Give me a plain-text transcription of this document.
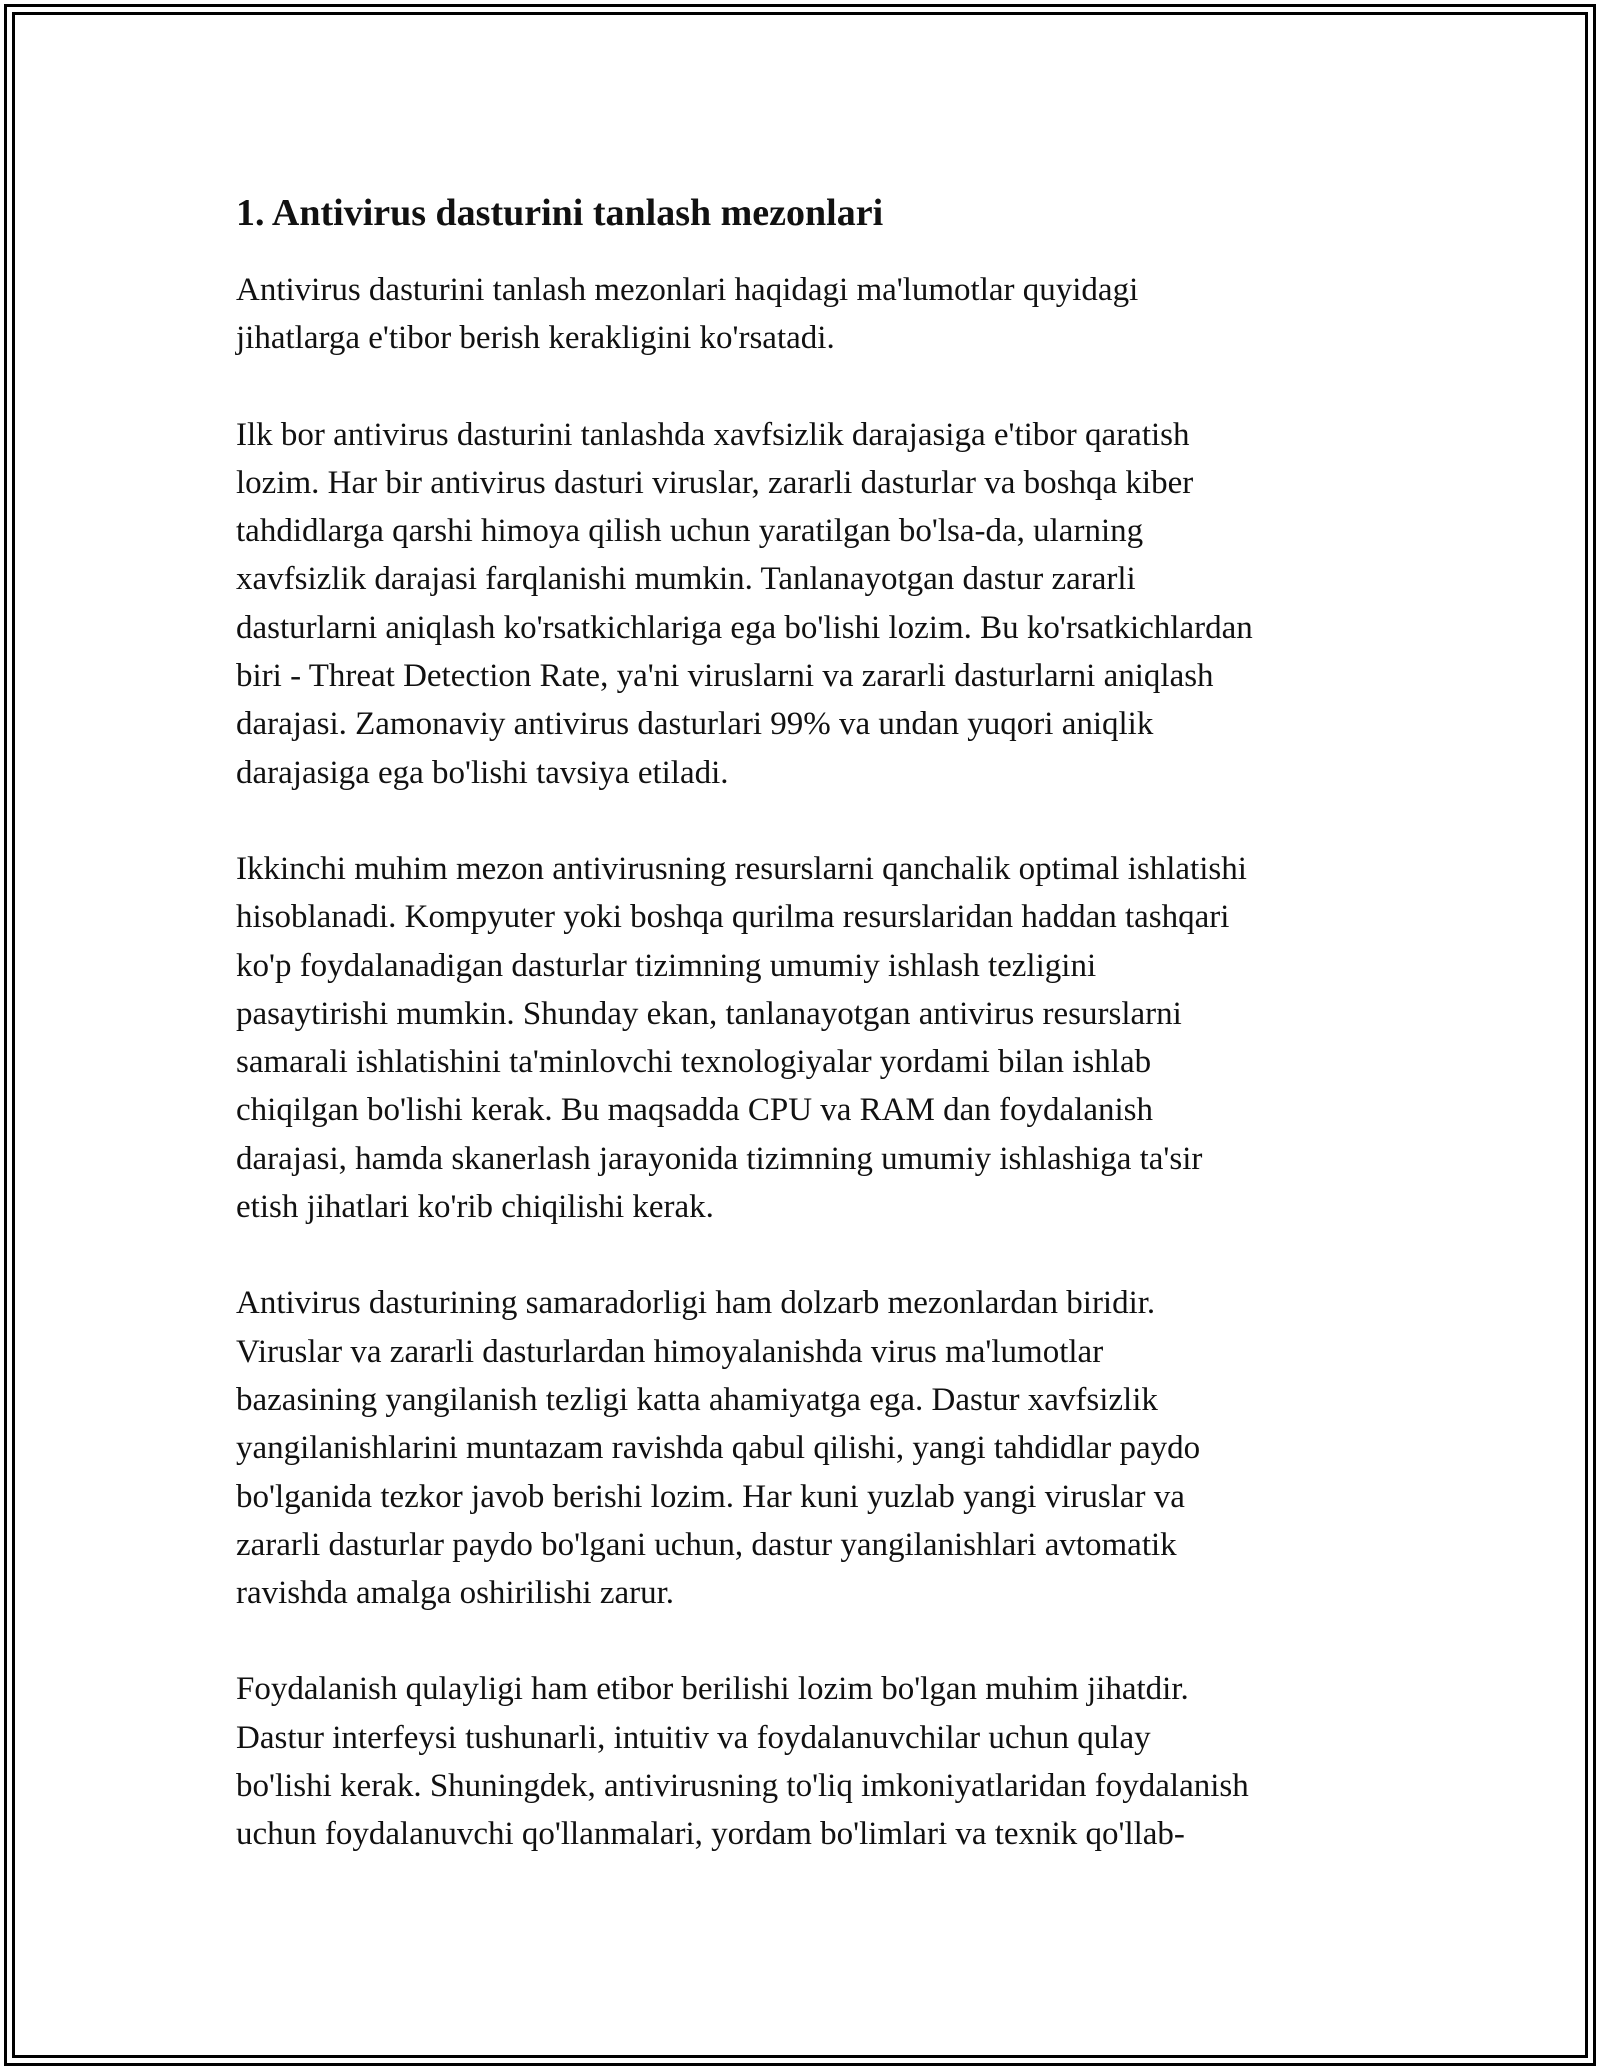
1. Antivirus dasturini tanlash mezonlari

Antivirus dasturini tanlash mezonlari haqidagi ma'lumotlar quyidagi
jihatlarga e'tibor berish kerakligini ko'rsatadi.

Ilk bor antivirus dasturini tanlashda xavfsizlik darajasiga e'tibor qaratish
lozim. Har bir antivirus dasturi viruslar, zararli dasturlar va boshqa kiber
tahdidlarga qarshi himoya qilish uchun yaratilgan bo'lsa-da, ularning
xavfsizlik darajasi farqlanishi mumkin. Tanlanayotgan dastur zararli
dasturlarni aniqlash ko'rsatkichlariga ega bo'lishi lozim. Bu ko'rsatkichlardan
biri - Threat Detection Rate, ya'ni viruslarni va zararli dasturlarni aniqlash
darajasi. Zamonaviy antivirus dasturlari 99% va undan yuqori aniqlik
darajasiga ega bo'lishi tavsiya etiladi.

Ikkinchi muhim mezon antivirusning resurslarni qanchalik optimal ishlatishi
hisoblanadi. Kompyuter yoki boshqa qurilma resurslaridan haddan tashqari
ko'p foydalanadigan dasturlar tizimning umumiy ishlash tezligini
pasaytirishi mumkin. Shunday ekan, tanlanayotgan antivirus resurslarni
samarali ishlatishini ta'minlovchi texnologiyalar yordami bilan ishlab
chiqilgan bo'lishi kerak. Bu maqsadda CPU va RAM dan foydalanish
darajasi, hamda skanerlash jarayonida tizimning umumiy ishlashiga ta'sir
etish jihatlari ko'rib chiqilishi kerak.

Antivirus dasturining samaradorligi ham dolzarb mezonlardan biridir.
Viruslar va zararli dasturlardan himoyalanishda virus ma'lumotlar
bazasining yangilanish tezligi katta ahamiyatga ega. Dastur xavfsizlik
yangilanishlarini muntazam ravishda qabul qilishi, yangi tahdidlar paydo
bo'lganida tezkor javob berishi lozim. Har kuni yuzlab yangi viruslar va
zararli dasturlar paydo bo'lgani uchun, dastur yangilanishlari avtomatik
ravishda amalga oshirilishi zarur.

Foydalanish qulayligi ham etibor berilishi lozim bo'lgan muhim jihatdir.
Dastur interfeysi tushunarli, intuitiv va foydalanuvchilar uchun qulay
bo'lishi kerak. Shuningdek, antivirusning to'liq imkoniyatlaridan foydalanish
uchun foydalanuvchi qo'llanmalari, yordam bo'limlari va texnik qo'llab-
